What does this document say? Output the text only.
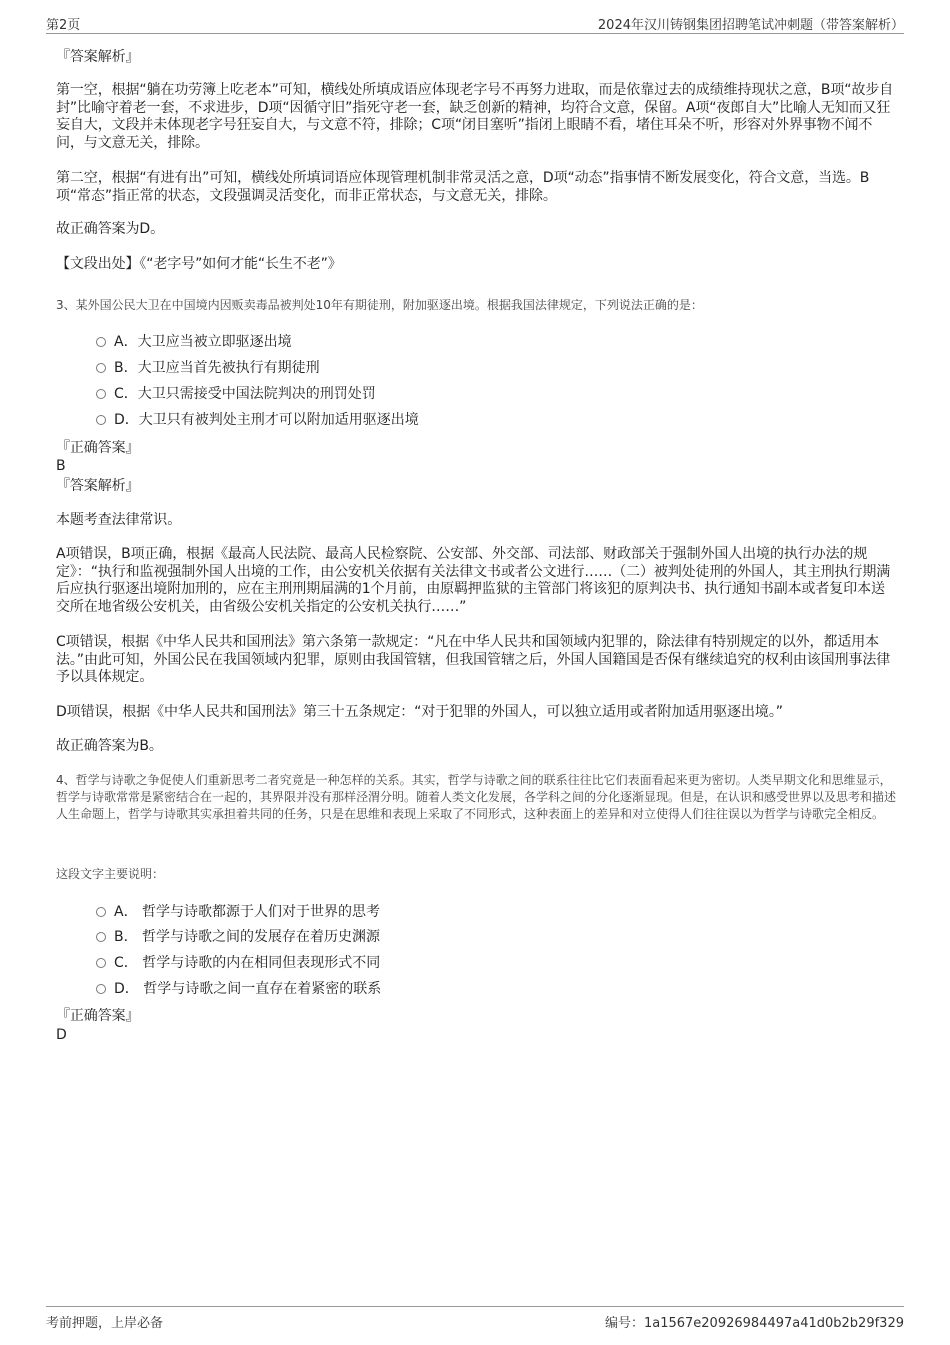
第2页	2024年汉川铸钢集团招聘笔试冲刺题（带答案解析）
『答案解析』
第一空，根据“躺在功劳簿上吃老本”可知，横线处所填成语应体现老字号不再努力进取，而是依靠过去的成绩维持现状之意，B项“故步自封”比喻守着老一套，不求进步，D项“因循守旧”指死守老一套，缺乏创新的精神，均符合文意，保留。A项“夜郎自大”比喻人无知而又狂妄自大，文段并未体现老字号狂妄自大，与文意不符，排除；C项“闭目塞听”指闭上眼睛不看，堵住耳朵不听，形容对外界事物不闻不问，与文意无关，排除。
第二空，根据“有进有出”可知，横线处所填词语应体现管理机制非常灵活之意，D项“动态”指事情不断发展变化，符合文意，当选。B项“常态”指正常的状态，文段强调灵活变化，而非正常状态，与文意无关，排除。
故正确答案为D。
【文段出处】《“老字号”如何才能“长生不老”》
3、某外国公民大卫在中国境内因贩卖毒品被判处10年有期徒刑，附加驱逐出境。根据我国法律规定，下列说法正确的是：
A．大卫应当被立即驱逐出境
B．大卫应当首先被执行有期徒刑
C．大卫只需接受中国法院判决的刑罚处罚
D．大卫只有被判处主刑才可以附加适用驱逐出境
『正确答案』
B
『答案解析』
本题考查法律常识。
A项错误，B项正确，根据《最高人民法院、最高人民检察院、公安部、外交部、司法部、财政部关于强制外国人出境的执行办法的规定》：“执行和监视强制外国人出境的工作，由公安机关依据有关法律文书或者公文进行……（二）被判处徒刑的外国人，其主刑执行期满后应执行驱逐出境附加刑的，应在主刑刑期届满的1个月前，由原羁押监狱的主管部门将该犯的原判决书、执行通知书副本或者复印本送交所在地省级公安机关，由省级公安机关指定的公安机关执行……”
C项错误，根据《中华人民共和国刑法》第六条第一款规定：“凡在中华人民共和国领域内犯罪的，除法律有特别规定的以外，都适用本法。”由此可知，外国公民在我国领域内犯罪，原则由我国管辖，但我国管辖之后，外国人国籍国是否保有继续追究的权利由该国刑事法律予以具体规定。
D项错误，根据《中华人民共和国刑法》第三十五条规定：“对于犯罪的外国人，可以独立适用或者附加适用驱逐出境。”
故正确答案为B。
4、哲学与诗歌之争促使人们重新思考二者究竟是一种怎样的关系。其实，哲学与诗歌之间的联系往往比它们表面看起来更为密切。人类早期文化和思维显示，哲学与诗歌常常是紧密结合在一起的，其界限并没有那样泾渭分明。随着人类文化发展，各学科之间的分化逐渐显现。但是，在认识和感受世界以及思考和描述人生命题上，哲学与诗歌其实承担着共同的任务，只是在思维和表现上采取了不同形式，这种表面上的差异和对立使得人们往往误以为哲学与诗歌完全相反。
这段文字主要说明：
A． 哲学与诗歌都源于人们对于世界的思考
B． 哲学与诗歌之间的发展存在着历史渊源
C． 哲学与诗歌的内在相同但表现形式不同
D． 哲学与诗歌之间一直存在着紧密的联系
『正确答案』
D
考前押题，上岸必备	编号：1a1567e20926984497a41d0b2b29f329
